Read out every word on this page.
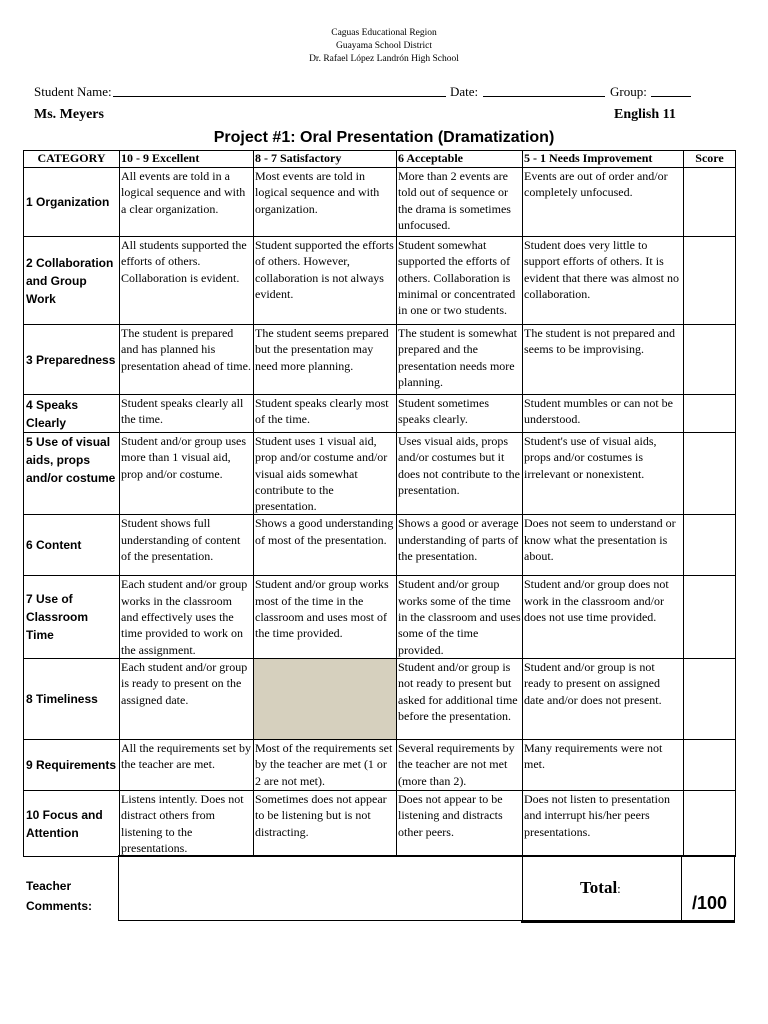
Caguas Educational Region
Guayama School District
Dr. Rafael López Landrón High School
Student Name:	Date:	Group:
Ms. Meyers	English 11
Project #1: Oral Presentation (Dramatization)
CATEGORY	10 - 9 Excellent	8 - 7 Satisfactory	6 Acceptable	5 - 1 Needs Improvement	Score
1 Organization	All events are told in a logical sequence and with a clear organization.	Most events are told in logical sequence and with organization.	More than 2 events are told out of sequence or the drama is sometimes unfocused.	Events are out of order and/or completely unfocused.	
2 Collaboration and Group Work	All students supported the efforts of others. Collaboration is evident.	Student supported the efforts of others. However, collaboration is not always evident.	Student somewhat supported the efforts of others. Collaboration is minimal or concentrated in one or two students.	Student does very little to support efforts of others. It is evident that there was almost no collaboration.	
3 Preparedness	The student is prepared and has planned his presentation ahead of time.	The student seems prepared but the presentation may need more planning.	The student is somewhat prepared and the presentation needs more planning.	The student is not prepared and seems to be improvising.	
4 Speaks Clearly	Student speaks clearly all the time.	Student speaks clearly most of the time.	Student sometimes speaks clearly.	Student mumbles or can not be understood.	
5 Use of visual aids, props and/or costume	Student and/or group uses more than 1 visual aid, prop and/or costume.	Student uses 1 visual aid, prop and/or costume and/or visual aids somewhat contribute to the presentation.	Uses visual aids, props and/or costumes but it does not contribute to the presentation.	Student's use of visual aids, props and/or costumes is irrelevant or nonexistent.	
6 Content	Student shows full understanding of content of the presentation.	Shows a good understanding of most of the presentation.	Shows a good or average understanding of parts of the presentation.	Does not seem to understand or know what the presentation is about.	
7 Use of Classroom Time	Each student and/or group works in the classroom and effectively uses the time provided to work on the assignment.	Student and/or group works most of the time in the classroom and uses most of the time provided.	Student and/or group works some of the time in the classroom and uses some of the time provided.	Student and/or group does not work in the classroom and/or does not use time provided.	
8 Timeliness	Each student and/or group is ready to present on the assigned date.		Student and/or group is not ready to present but asked for additional time before the presentation.	Student and/or group is not ready to present on assigned date and/or does not present.	
9 Requirements	All the requirements set by the teacher are met.	Most of the requirements set by the teacher are met (1 or 2 are not met).	Several requirements by the teacher are not met (more than 2).	Many requirements were not met.	
10 Focus and Attention	Listens intently. Does not distract others from listening to the presentations.	Sometimes does not appear to be listening but is not distracting.	Does not appear to be listening and distracts other peers.	Does not listen to presentation and interrupt his/her peers presentations.	
Teacher
Comments:
Total:
/100
